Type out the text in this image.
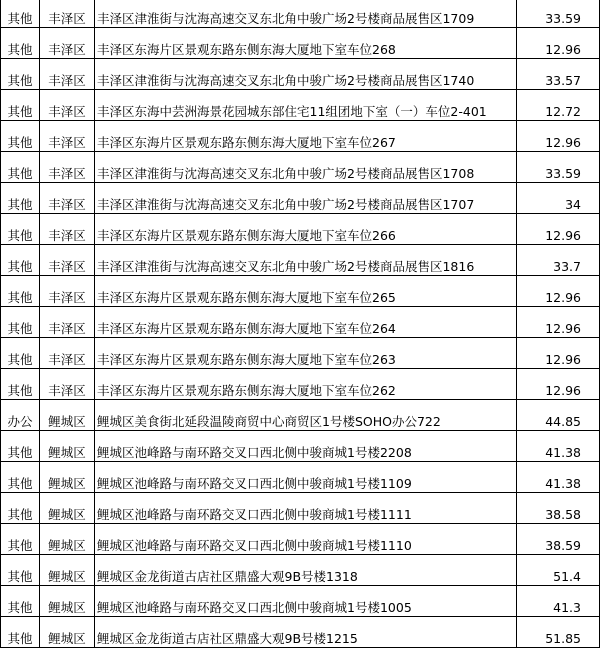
其他	丰泽区	丰泽区津淮街与沈海高速交叉东北角中骏广场2号楼商品展售区1709	33.59
其他	丰泽区	丰泽区东海片区景观东路东侧东海大厦地下室车位268	12.96
其他	丰泽区	丰泽区津淮街与沈海高速交叉东北角中骏广场2号楼商品展售区1740	33.57
其他	丰泽区	丰泽区东海中芸洲海景花园城东部住宅11组团地下室（一）车位2-401	12.72
其他	丰泽区	丰泽区东海片区景观东路东侧东海大厦地下室车位267	12.96
其他	丰泽区	丰泽区津淮街与沈海高速交叉东北角中骏广场2号楼商品展售区1708	33.59
其他	丰泽区	丰泽区津淮街与沈海高速交叉东北角中骏广场2号楼商品展售区1707	34
其他	丰泽区	丰泽区东海片区景观东路东侧东海大厦地下室车位266	12.96
其他	丰泽区	丰泽区津淮街与沈海高速交叉东北角中骏广场2号楼商品展售区1816	33.7
其他	丰泽区	丰泽区东海片区景观东路东侧东海大厦地下室车位265	12.96
其他	丰泽区	丰泽区东海片区景观东路东侧东海大厦地下室车位264	12.96
其他	丰泽区	丰泽区东海片区景观东路东侧东海大厦地下室车位263	12.96
其他	丰泽区	丰泽区东海片区景观东路东侧东海大厦地下室车位262	12.96
办公	鲤城区	鲤城区美食街北延段温陵商贸中心商贸区1号楼SOHO办公722	44.85
其他	鲤城区	鲤城区池峰路与南环路交叉口西北侧中骏商城1号楼2208	41.38
其他	鲤城区	鲤城区池峰路与南环路交叉口西北侧中骏商城1号楼1109	41.38
其他	鲤城区	鲤城区池峰路与南环路交叉口西北侧中骏商城1号楼1111	38.58
其他	鲤城区	鲤城区池峰路与南环路交叉口西北侧中骏商城1号楼1110	38.59
其他	鲤城区	鲤城区金龙街道古店社区鼎盛大观9B号楼1318	51.4
其他	鲤城区	鲤城区池峰路与南环路交叉口西北侧中骏商城1号楼1005	41.3
其他	鲤城区	鲤城区金龙街道古店社区鼎盛大观9B号楼1215	51.85
